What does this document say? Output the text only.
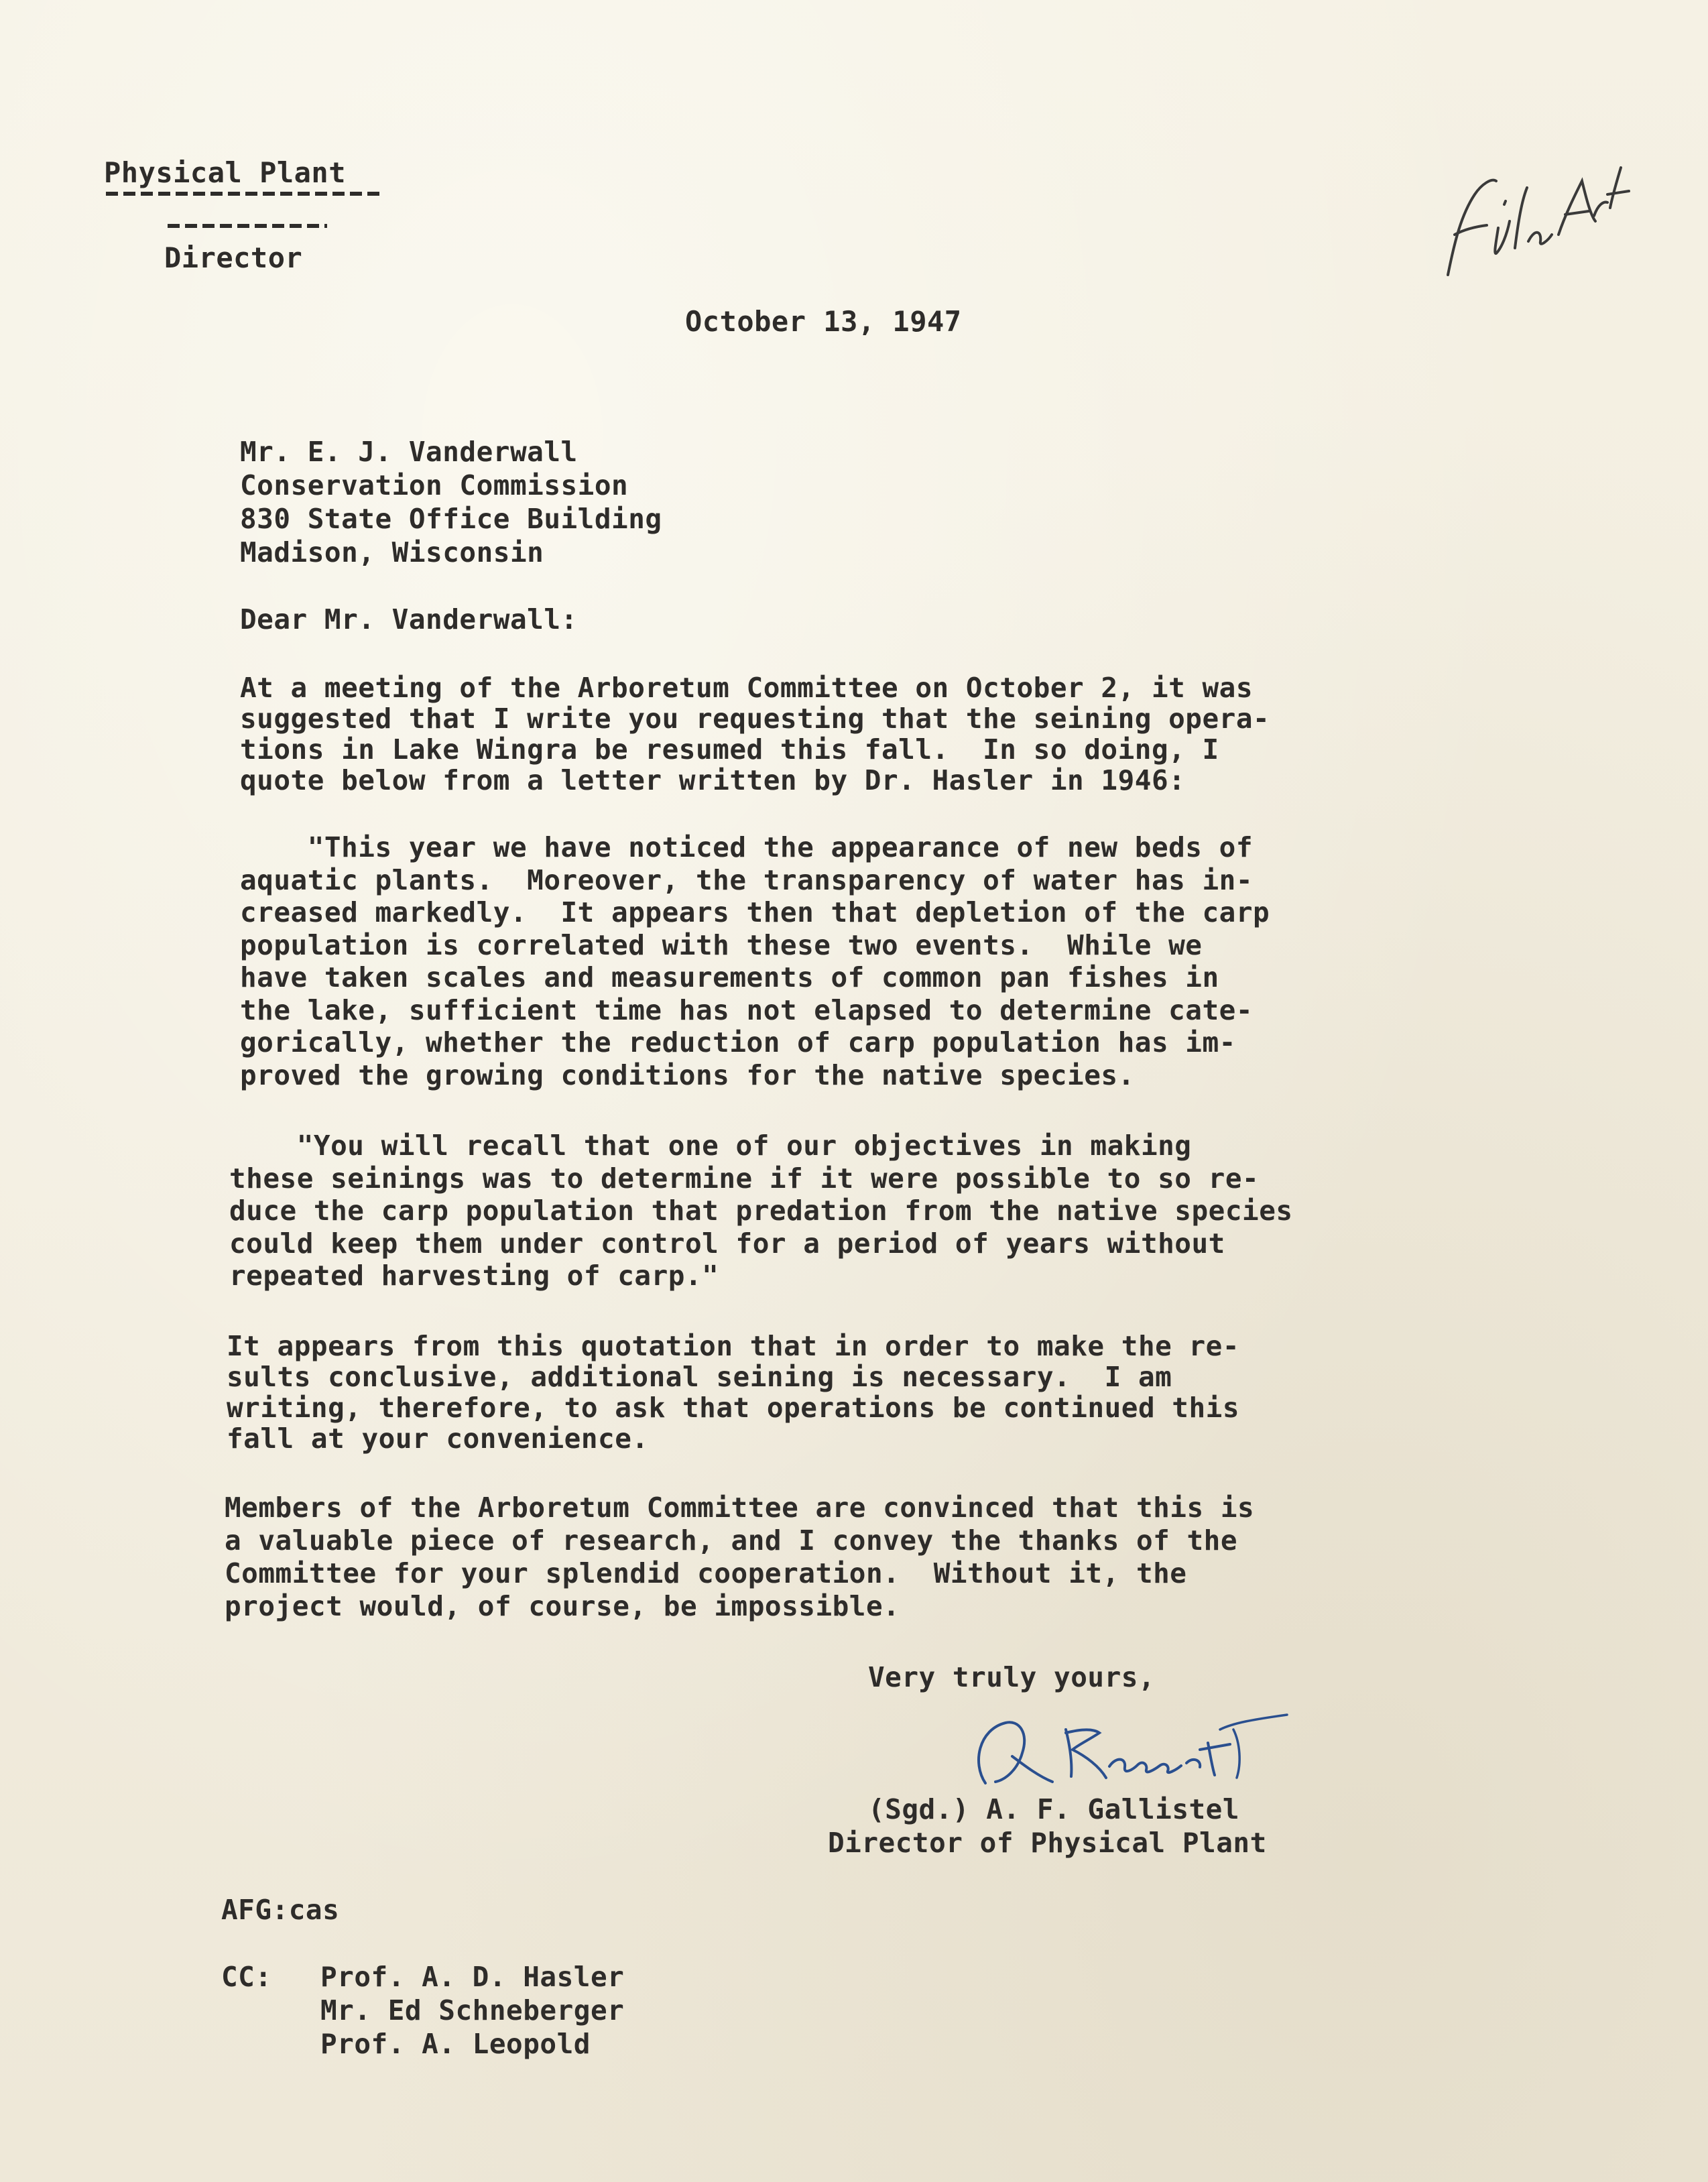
Physical Plant
Director
October 13, 1947
Mr. E. J. Vanderwall
Conservation Commission
830 State Office Building
Madison, Wisconsin
Dear Mr. Vanderwall:
At a meeting of the Arboretum Committee on October 2, it was
suggested that I write you requesting that the seining opera-
tions in Lake Wingra be resumed this fall.  In so doing, I
quote below from a letter written by Dr. Hasler in 1946:
"This year we have noticed the appearance of new beds of
aquatic plants.  Moreover, the transparency of water has in-
creased markedly.  It appears then that depletion of the carp
population is correlated with these two events.  While we
have taken scales and measurements of common pan fishes in
the lake, sufficient time has not elapsed to determine cate-
gorically, whether the reduction of carp population has im-
proved the growing conditions for the native species.
"You will recall that one of our objectives in making
these seinings was to determine if it were possible to so re-
duce the carp population that predation from the native species
could keep them under control for a period of years without
repeated harvesting of carp."
It appears from this quotation that in order to make the re-
sults conclusive, additional seining is necessary.  I am
writing, therefore, to ask that operations be continued this
fall at your convenience.
Members of the Arboretum Committee are convinced that this is
a valuable piece of research, and I convey the thanks of the
Committee for your splendid cooperation.  Without it, the
project would, of course, be impossible.
Very truly yours,
(Sgd.) A. F. Gallistel
Director of Physical Plant
AFG:cas
CC: Prof. A. D. Hasler
Mr. Ed Schneberger
Prof. A. Leopold
